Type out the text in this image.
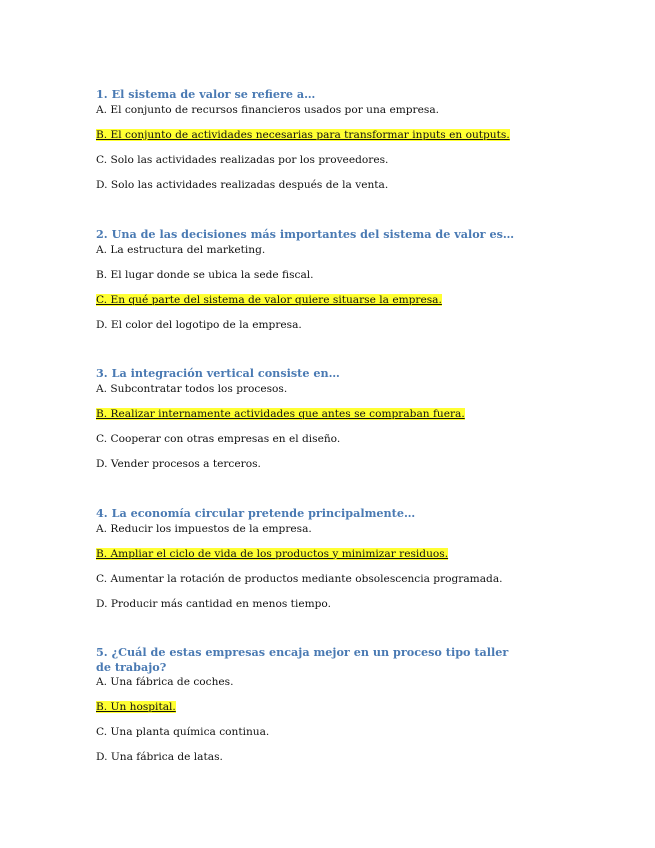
1. El sistema de valor se refiere a…
A. El conjunto de recursos financieros usados por una empresa.
B. El conjunto de actividades necesarias para transformar inputs en outputs.
C. Solo las actividades realizadas por los proveedores.
D. Solo las actividades realizadas después de la venta.
2. Una de las decisiones más importantes del sistema de valor es…
A. La estructura del marketing.
B. El lugar donde se ubica la sede fiscal.
C. En qué parte del sistema de valor quiere situarse la empresa.
D. El color del logotipo de la empresa.
3. La integración vertical consiste en…
A. Subcontratar todos los procesos.
B. Realizar internamente actividades que antes se compraban fuera.
C. Cooperar con otras empresas en el diseño.
D. Vender procesos a terceros.
4. La economía circular pretende principalmente…
A. Reducir los impuestos de la empresa.
B. Ampliar el ciclo de vida de los productos y minimizar residuos.
C. Aumentar la rotación de productos mediante obsolescencia programada.
D. Producir más cantidad en menos tiempo.
5. ¿Cuál de estas empresas encaja mejor en un proceso tipo taller de trabajo?
A. Una fábrica de coches.
B. Un hospital.
C. Una planta química continua.
D. Una fábrica de latas.
